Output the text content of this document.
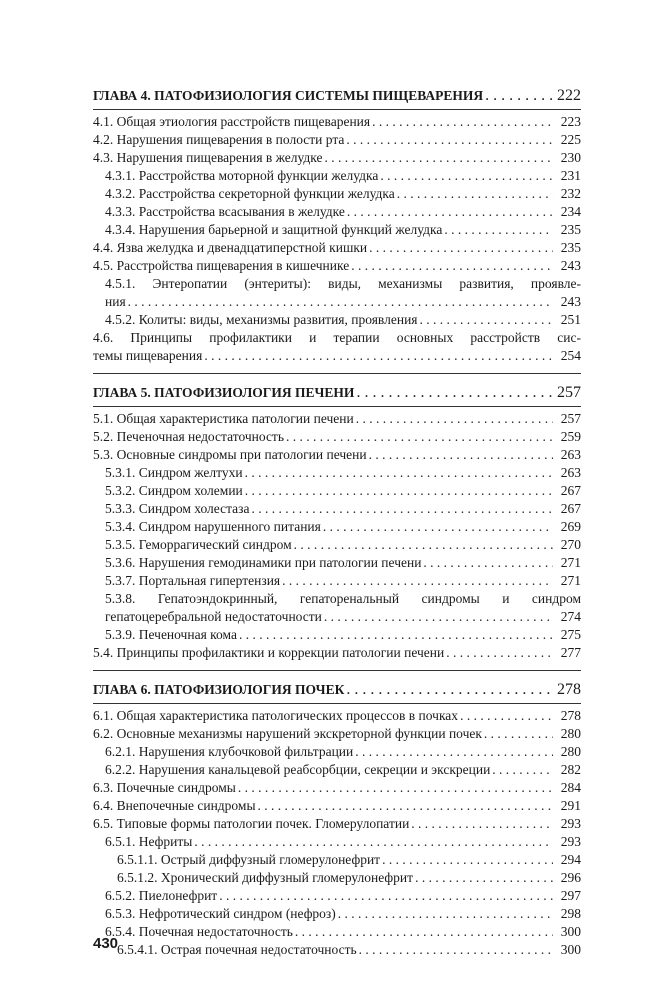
ГЛАВА 4. ПАТОФИЗИОЛОГИЯ СИСТЕМЫ ПИЩЕВАРЕНИЯ . . .	222
4.1. Общая этиология расстройств пищеварения . . .	223
4.2. Нарушения пищеварения в полости рта . . .	225
4.3. Нарушения пищеварения в желудке . . .	230
4.3.1. Расстройства моторной функции желудка . . .	231
4.3.2. Расстройства секреторной функции желудка . . .	232
4.3.3. Расстройства всасывания в желудке . . .	234
4.3.4. Нарушения барьерной и защитной функций желудка . . .	235
4.4. Язва желудка и двенадцатиперстной кишки . . .	235
4.5. Расстройства пищеварения в кишечнике . . .	243
4.5.1. Энтеропатии (энтериты): виды, механизмы развития, проявле-
ния . . .	243
4.5.2. Колиты: виды, механизмы развития, проявления . . .	251
4.6. Принципы профилактики и терапии основных расстройств сис-
темы пищеварения . . .	254
ГЛАВА 5. ПАТОФИЗИОЛОГИЯ ПЕЧЕНИ . . .	257
5.1. Общая характеристика патологии печени . . .	257
5.2. Печеночная недостаточность . . .	259
5.3. Основные синдромы при патологии печени . . .	263
5.3.1. Синдром желтухи . . .	263
5.3.2. Синдром холемии . . .	267
5.3.3. Синдром холестаза . . .	267
5.3.4. Синдром нарушенного питания . . .	269
5.3.5. Геморрагический синдром . . .	270
5.3.6. Нарушения гемодинамики при патологии печени . . .	271
5.3.7. Портальная гипертензия . . .	271
5.3.8. Гепатоэндокринный, гепаторенальный синдромы и синдром
гепатоцеребральной недостаточности . . .	274
5.3.9. Печеночная кома . . .	275
5.4. Принципы профилактики и коррекции патологии печени . . .	277
ГЛАВА 6. ПАТОФИЗИОЛОГИЯ ПОЧЕК . . .	278
6.1. Общая характеристика патологических процессов в почках . . .	278
6.2. Основные механизмы нарушений экскреторной функции почек . . .	280
6.2.1. Нарушения клубочковой фильтрации . . .	280
6.2.2. Нарушения канальцевой реабсорбции, секреции и экскреции . . .	282
6.3. Почечные синдромы . . .	284
6.4. Внепочечные синдромы . . .	291
6.5. Типовые формы патологии почек. Гломерулопатии . . .	293
6.5.1. Нефриты . . .	293
6.5.1.1. Острый диффузный гломерулонефрит . . .	294
6.5.1.2. Хронический диффузный гломерулонефрит . . .	296
6.5.2. Пиелонефрит . . .	297
6.5.3. Нефротический синдром (нефроз) . . .	298
6.5.4. Почечная недостаточность . . .	300
6.5.4.1. Острая почечная недостаточность . . .	300
430
